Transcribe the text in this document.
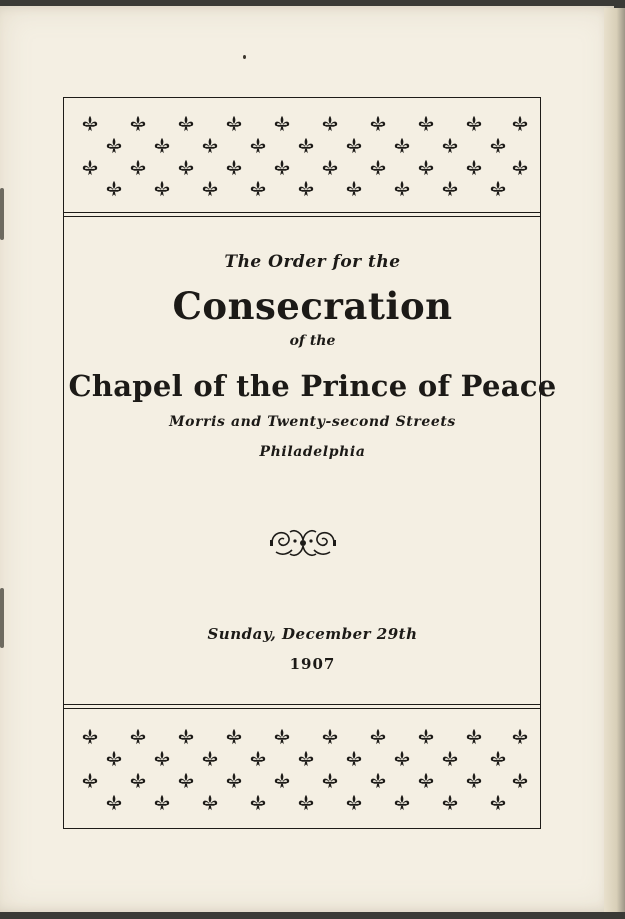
The Order for the
Consecration
of the
Chapel of the Prince of Peace
Morris and Twenty-second Streets
Philadelphia
Sunday, December 29th
1907
